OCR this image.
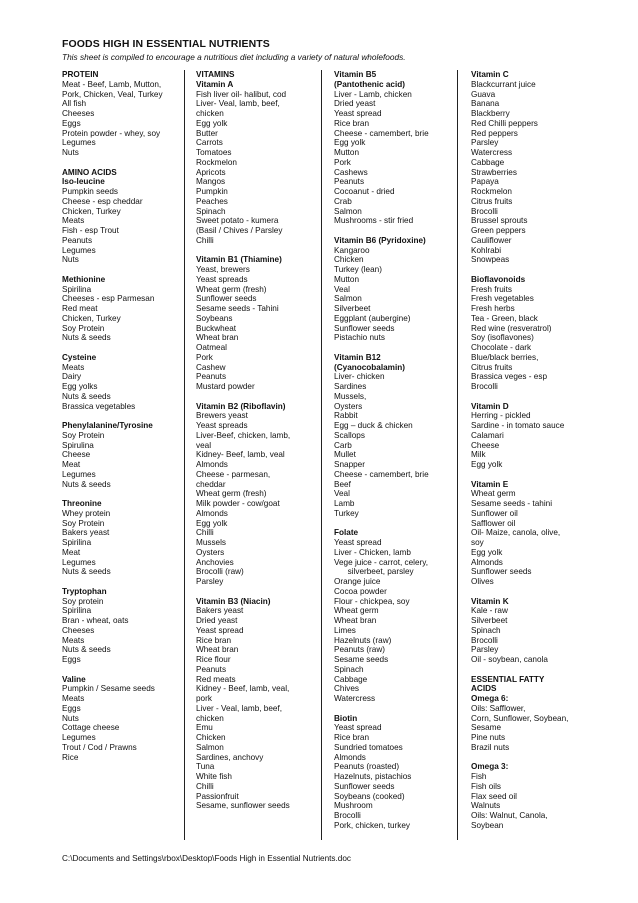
FOODS HIGH IN ESSENTIAL NUTRIENTS
This sheet is compiled to encourage a nutritious diet including a variety of natural wholefoods.
PROTEIN
Meat - Beef, Lamb, Mutton,
Pork, Chicken, Veal, Turkey
All fish
Cheeses
Eggs
Protein powder - whey, soy
Legumes
Nuts
AMINO ACIDS
Iso-leucine
Pumpkin seeds
Cheese - esp cheddar
Chicken, Turkey
Meats
Fish - esp Trout
Peanuts
Legumes
Nuts
Methionine
Spirilina
Cheeses - esp Parmesan
Red meat
Chicken, Turkey
Soy Protein
Nuts & seeds
Cysteine
Meats
Dairy
Egg yolks
Nuts & seeds
Brassica vegetables
Phenylalanine/Tyrosine
Soy Protein
Spirulina
Cheese
Meat
Legumes
Nuts & seeds
Threonine
Whey protein
Soy Protein
Bakers yeast
Spirilina
Meat
Legumes
Nuts & seeds
Tryptophan
Soy protein
Spirilina
Bran - wheat, oats
Cheeses
Meats
Nuts & seeds
Eggs
Valine
Pumpkin / Sesame seeds
Meats
Eggs
Nuts
Cottage cheese
Legumes
Trout / Cod / Prawns
Rice
VITAMINS
Vitamin A
Fish liver oil- halibut, cod
Liver- Veal, lamb, beef,
chicken
Egg yolk
Butter
Carrots
Tomatoes
Rockmelon
Apricots
Mangos
Pumpkin
Peaches
Spinach
Sweet potato - kumera
(Basil / Chives / Parsley
Chilli
Vitamin B1 (Thiamine)
Yeast, brewers
Yeast spreads
Wheat germ (fresh)
Sunflower seeds
Sesame seeds - Tahini
Soybeans
Buckwheat
Wheat bran
Oatmeal
Pork
Cashew
Peanuts
Mustard powder
Vitamin B2 (Riboflavin)
Brewers yeast
Yeast spreads
Liver-Beef, chicken, lamb,
veal
Kidney- Beef, lamb, veal
Almonds
Cheese - parmesan,
cheddar
Wheat germ (fresh)
Milk powder - cow/goat
Almonds
Egg yolk
Chilli
Mussels
Oysters
Anchovies
Brocolli (raw)
Parsley
Vitamin B3 (Niacin)
Bakers yeast
Dried yeast
Yeast spread
Rice bran
Wheat bran
Rice flour
Peanuts
Red meats
Kidney - Beef, lamb, veal,
pork
Liver - Veal, lamb, beef,
chicken
Emu
Chicken
Salmon
Sardines, anchovy
Tuna
White fish
Chilli
Passionfruit
Sesame, sunflower seeds
Vitamin B5
(Pantothenic acid)
Liver - Lamb, chicken
Dried yeast
Yeast spread
Rice bran
Cheese - camembert, brie
Egg yolk
Mutton
Pork
Cashews
Peanuts
Cocoanut - dried
Crab
Salmon
Mushrooms - stir fried
Vitamin B6 (Pyridoxine)
Kangaroo
Chicken
Turkey (lean)
Mutton
Veal
Salmon
Silverbeet
Eggplant (aubergine)
Sunflower seeds
Pistachio nuts
Vitamin B12
(Cyanocobalamin)
Liver- chicken
Sardines
Mussels,
Oysters
Rabbit
Egg – duck & chicken
Scallops
Carb
Mullet
Snapper
Cheese - camembert, brie
Beef
Veal
Lamb
Turkey
Folate
Yeast spread
Liver - Chicken, lamb
Vege juice - carrot, celery,
silverbeet, parsley
Orange juice
Cocoa powder
Flour - chickpea, soy
Wheat germ
Wheat bran
Limes
Hazelnuts (raw)
Peanuts (raw)
Sesame seeds
Spinach
Cabbage
Chives
Watercress
Biotin
Yeast spread
Rice bran
Sundried tomatoes
Almonds
Peanuts (roasted)
Hazelnuts, pistachios
Sunflower seeds
Soybeans (cooked)
Mushroom
Brocolli
Pork, chicken, turkey
Vitamin C
Blackcurrant juice
Guava
Banana
Blackberry
Red Chilli peppers
Red peppers
Parsley
Watercress
Cabbage
Strawberries
Papaya
Rockmelon
Citrus fruits
Brocolli
Brussel sprouts
Green peppers
Cauliflower
Kohlrabi
Snowpeas
Bioflavonoids
Fresh fruits
Fresh vegetables
Fresh herbs
Tea - Green, black
Red wine (resveratrol)
Soy (isoflavones)
Chocolate - dark
Blue/black berries,
Citrus fruits
Brassica veges - esp
Brocolli
Vitamin D
Herring - pickled
Sardine - in tomato sauce
Calamari
Cheese
Milk
Egg yolk
Vitamin E
Wheat germ
Sesame seeds - tahini
Sunflower oil
Safflower oil
Oil- Maize, canola, olive,
soy
Egg yolk
Almonds
Sunflower seeds
Olives
Vitamin K
Kale - raw
Silverbeet
Spinach
Brocolli
Parsley
Oil - soybean, canola
ESSENTIAL FATTY
ACIDS
Omega 6:
Oils: Safflower,
Corn, Sunflower, Soybean,
Sesame
Pine nuts
Brazil nuts
Omega 3:
Fish
Fish oils
Flax seed oil
Walnuts
Oils: Walnut, Canola,
Soybean
C:\Documents and Settings\rbox\Desktop\Foods High in Essential Nutrients.doc
